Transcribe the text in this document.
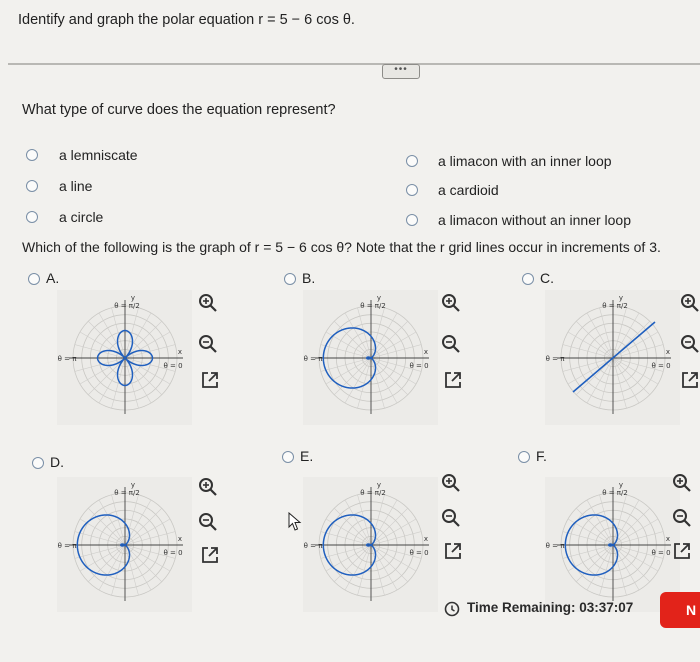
Identify and graph the polar equation r = 5 − 6 cos θ.
•••
What type of curve does the equation represent?
a lemniscate
a line
a circle
a limacon with an inner loop
a cardioid
a limacon without an inner loop
Which of the following is the graph of r = 5 − 6 cos θ? Note that the r grid lines occur in increments of 3.
A.	B.	C.
D.	E.	F.
y
x
θ = π/2
θ = π
θ = 0
y
x
θ = π/2
θ = π
θ = 0
y
x
θ = π/2
θ = π
θ = 0
y
x
θ = π/2
θ = π
θ = 0
y
x
θ = π/2
θ = π
θ = 0
y
x
θ = π/2
θ = π
θ = 0
Time Remaining: 03:37:07	N
